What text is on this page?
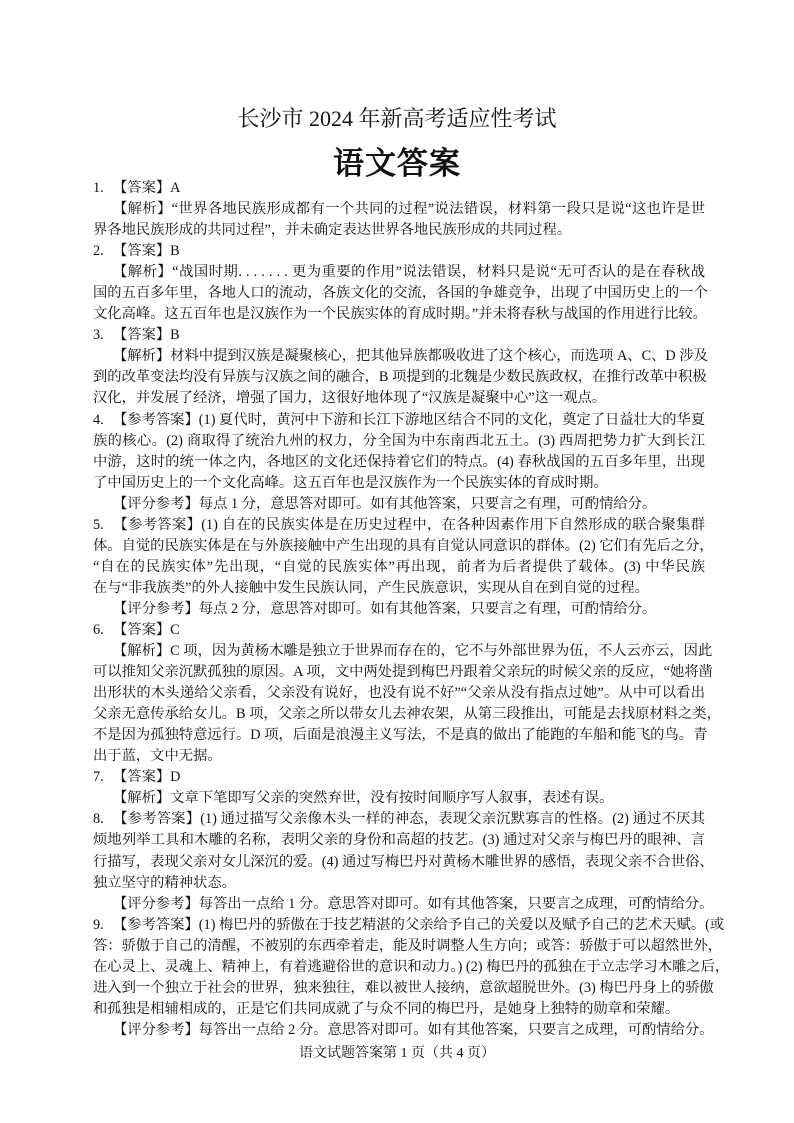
长沙市 2024 年新高考适应性考试
语文答案
1. 【答案】A
【解析】“世界各地民族形成都有一个共同的过程”说法错误，材料第一段只是说“这也许是世
界各地民族形成的共同过程”，并未确定表达世界各地民族形成的共同过程。
2. 【答案】B
【解析】“战国时期. . . . . . . 更为重要的作用”说法错误，材料只是说“无可否认的是在春秋战
国的五百多年里，各地人口的流动，各族文化的交流，各国的争雄竞争，出现了中国历史上的一个
文化高峰。这五百年也是汉族作为一个民族实体的育成时期。”并未将春秋与战国的作用进行比较。
3. 【答案】B
【解析】材料中提到汉族是凝聚核心，把其他异族都吸收进了这个核心，而选项 A、C、D 涉及
到的改革变法均没有异族与汉族之间的融合，B 项提到的北魏是少数民族政权，在推行改革中积极
汉化，并发展了经济，增强了国力，这很好地体现了“汉族是凝聚中心”这一观点。
4. 【参考答案】(1) 夏代时，黄河中下游和长江下游地区结合不同的文化，奠定了日益壮大的华夏
族的核心。(2) 商取得了统治九州的权力，分全国为中东南西北五土。(3) 西周把势力扩大到长江
中游，这时的统一体之内，各地区的文化还保持着它们的特点。(4) 春秋战国的五百多年里，出现
了中国历史上的一个文化高峰。这五百年也是汉族作为一个民族实体的育成时期。
【评分参考】每点 1 分，意思答对即可。如有其他答案，只要言之有理，可酌情给分。
5. 【参考答案】(1) 自在的民族实体是在历史过程中，在各种因素作用下自然形成的联合聚集群
体。自觉的民族实体是在与外族接触中产生出现的具有自觉认同意识的群体。(2) 它们有先后之分，
“自在的民族实体”先出现，“自觉的民族实体”再出现，前者为后者提供了载体。(3) 中华民族
在与“非我族类”的外人接触中发生民族认同，产生民族意识，实现从自在到自觉的过程。
【评分参考】每点 2 分，意思答对即可。如有其他答案，只要言之有理，可酌情给分。
6. 【答案】C
【解析】C 项，因为黄杨木雕是独立于世界而存在的，它不与外部世界为伍，不人云亦云，因此
可以推知父亲沉默孤独的原因。A 项，文中两处提到梅巴丹跟着父亲玩的时候父亲的反应，“她将凿
出形状的木头递给父亲看，父亲没有说好，也没有说不好”“父亲从没有指点过她”。从中可以看出
父亲无意传承给女儿。B 项，父亲之所以带女儿去神农架，从第三段推出，可能是去找原材料之类，
不是因为孤独特意远行。D 项，后面是浪漫主义写法，不是真的做出了能跑的车船和能飞的鸟。青
出于蓝，文中无据。
7. 【答案】D
【解析】文章下笔即写父亲的突然弃世，没有按时间顺序写人叙事，表述有误。
8. 【参考答案】(1) 通过描写父亲像木头一样的神态，表现父亲沉默寡言的性格。(2) 通过不厌其
烦地列举工具和木雕的名称，表明父亲的身份和高超的技艺。(3) 通过对父亲与梅巴丹的眼神、言
行描写，表现父亲对女儿深沉的爱。(4) 通过写梅巴丹对黄杨木雕世界的感悟，表现父亲不合世俗、
独立坚守的精神状态。
【评分参考】每答出一点给 1 分。意思答对即可。如有其他答案，只要言之成理，可酌情给分。
9. 【参考答案】(1) 梅巴丹的骄傲在于技艺精湛的父亲给予自己的关爱以及赋予自己的艺术天赋。(或
答：骄傲于自己的清醒，不被别的东西牵着走，能及时调整人生方向；或答：骄傲于可以超然世外，
在心灵上、灵魂上、精神上，有着逃避俗世的意识和动力。) (2) 梅巴丹的孤独在于立志学习木雕之后，
进入到一个独立于社会的世界，独来独往，难以被世人接纳，意欲超脱世外。(3) 梅巴丹身上的骄傲
和孤独是相辅相成的，正是它们共同成就了与众不同的梅巴丹，是她身上独特的勋章和荣耀。
【评分参考】每答出一点给 2 分。意思答对即可。如有其他答案，只要言之成理，可酌情给分。
语文试题答案第 1 页（共 4 页）
